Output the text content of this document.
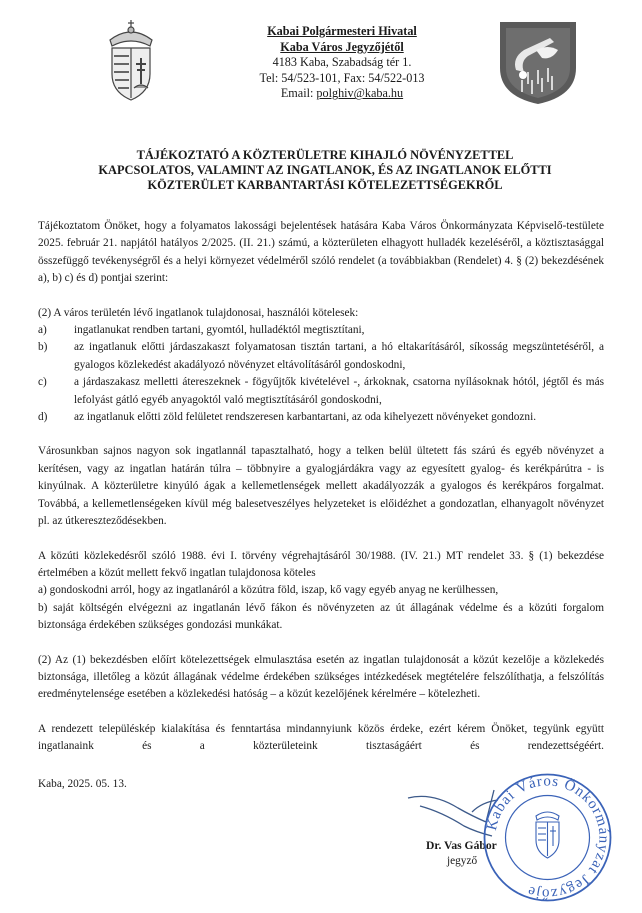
Kabai Polgármesteri Hivatal
Kaba Város Jegyzőjétől
4183 Kaba, Szabadság tér 1.
Tel: 54/523-101, Fax: 54/522-013
Email: polghiv@kaba.hu
TÁJÉKOZTATÓ A KÖZTERÜLETRE KIHAJLÓ NÖVÉNYZETTEL
KAPCSOLATOS, VALAMINT AZ INGATLANOK, ÉS AZ INGATLANOK ELŐTTI
KÖZTERÜLET KARBANTARTÁSI KÖTELEZETTSÉGEKRŐL

Tájékoztatom Önöket, hogy a folyamatos lakossági bejelentések hatására Kaba Város Önkormányzata Képviselő-testülete 2025. február 21. napjától hatályos 2/2025. (II. 21.) számú, a közterületen elhagyott hulladék kezeléséről, a köztisztasággal összefüggő tevékenységről és a helyi környezet védelméről szóló rendelet (a továbbiakban (Rendelet) 4. § (2) bekezdésének a), b) c) és d) pontjai szerint:

(2) A város területén lévő ingatlanok tulajdonosai, használói kötelesek:

a)	ingatlanukat rendben tartani, gyomtól, hulladéktól megtisztítani,
b)	az ingatlanuk előtti járdaszakaszt folyamatosan tisztán tartani, a hó eltakarításáról, síkosság megszüntetéséről, a gyalogos közlekedést akadályozó növényzet eltávolításáról gondoskodni,
c)	a járdaszakasz melletti átereszeknek - fögyűjtők kivételével -, árkoknak, csatorna nyílásoknak hótól, jégtől és más lefolyást gátló egyéb anyagoktól való megtisztításáról gondoskodni,
d)	az ingatlanuk előtti zöld felületet rendszeresen karbantartani, az oda kihelyezett növényeket gondozni.

Városunkban sajnos nagyon sok ingatlannál tapasztalható, hogy a telken belül ültetett fás szárú és egyéb növényzet a kerítésen, vagy az ingatlan határán túlra – többnyire a gyalogjárdákra vagy az egyesített gyalog- és kerékpárútra - is kinyúlnak. A közterületre kinyúló ágak a kellemetlenségek mellett akadályozzák a gyalogos és kerékpáros forgalmat. Továbbá, a kellemetlenségeken kívül még balesetveszélyes helyzeteket is előidézhet a gondozatlan, elhanyagolt növényzet pl. az útkereszteződésekben.

A közúti közlekedésről szóló 1988. évi I. törvény végrehajtásáról 30/1988. (IV. 21.) MT rendelet 33. § (1) bekezdése értelmében a közút mellett fekvő ingatlan tulajdonosa köteles

a) gondoskodni arról, hogy az ingatlanáról a közútra föld, iszap, kő vagy egyéb anyag ne kerülhessen,

b) saját költségén elvégezni az ingatlanán lévő fákon és növényzeten az út állagának védelme és a közúti forgalom biztonsága érdekében szükséges gondozási munkákat.

(2) Az (1) bekezdésben előírt kötelezettségek elmulasztása esetén az ingatlan tulajdonosát a közút kezelője a közlekedés biztonsága, illetőleg a közút állagának védelme érdekében szükséges intézkedések megtételére felszólíthatja, a felszólítás eredménytelensége esetében a közlekedési hatóság – a közút kezelőjének kérelmére – kötelezheti.

A rendezett településkép kialakítása és fenntartása mindannyiunk közös érdeke, ezért kérem Önöket, tegyünk együtt ingatlanaink és a közterületeink tisztaságáért és rendezettségéért.

Kaba, 2025. 05. 13.
Dr. Vas Gábor
jegyző
Kabai Város Önkormányzat Jegyzője
